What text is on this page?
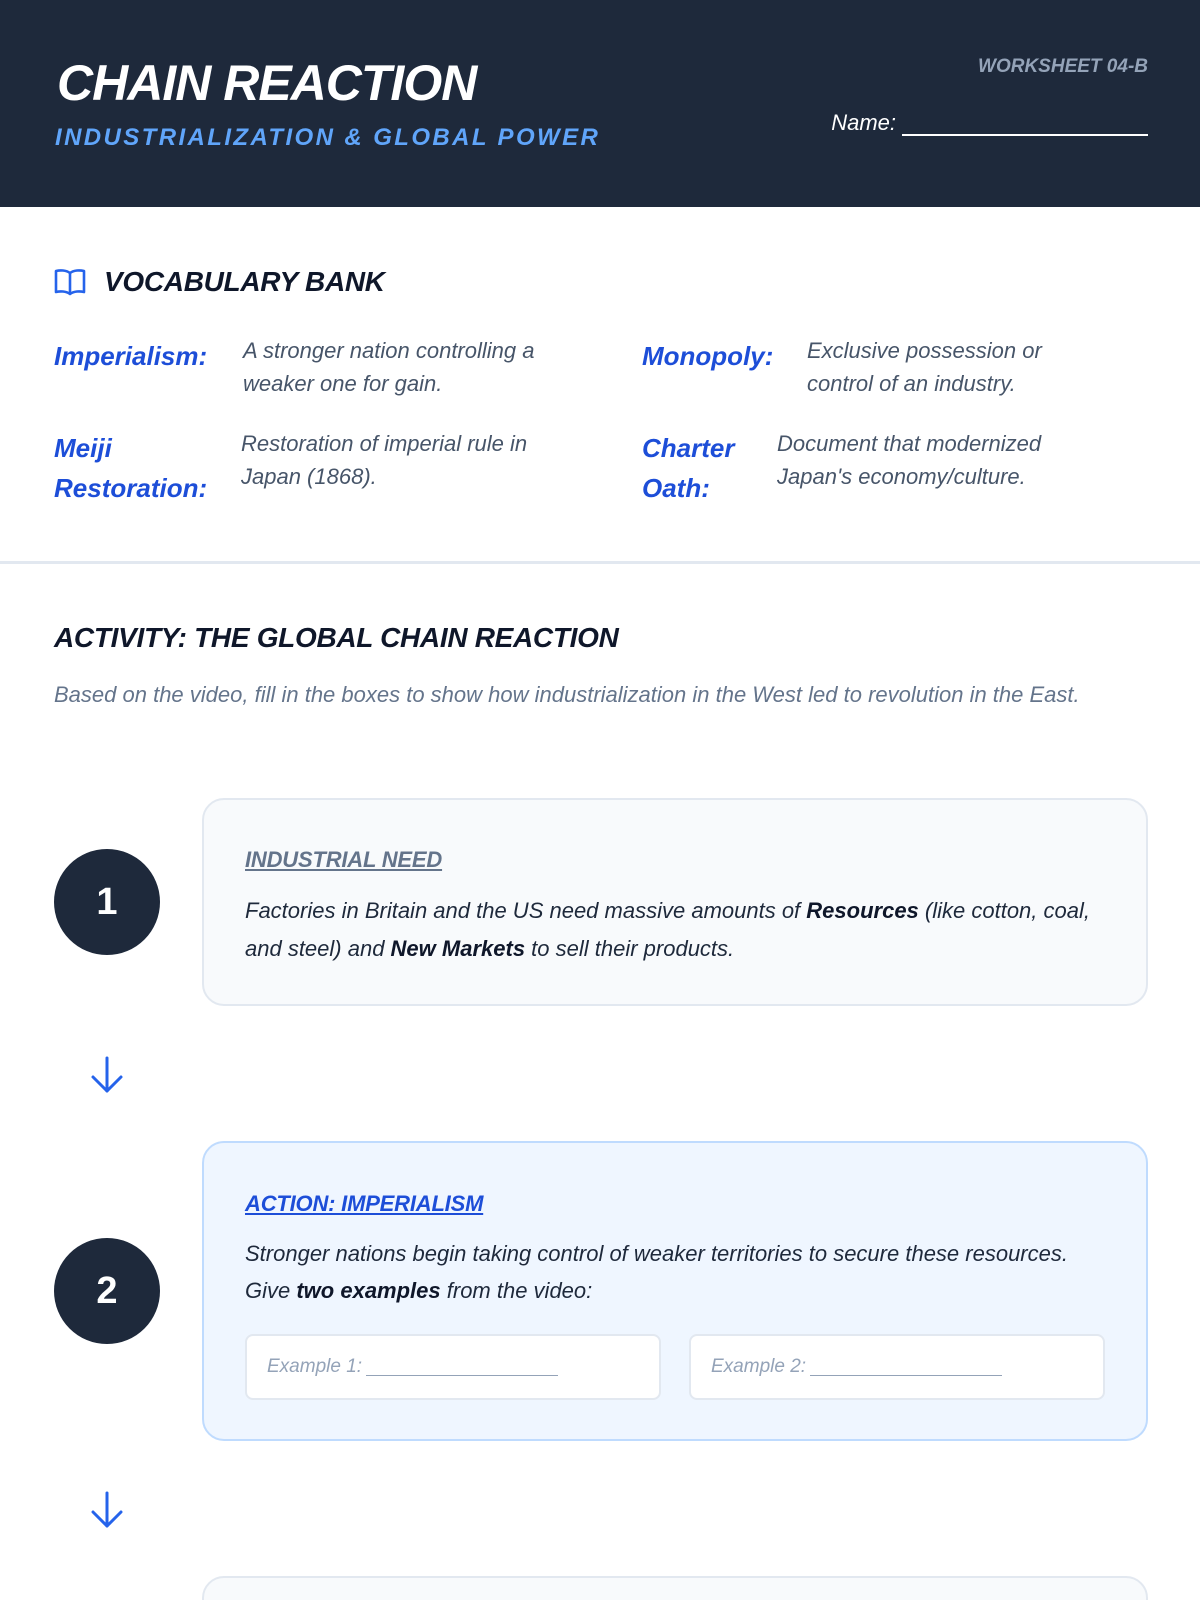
CHAIN REACTION
INDUSTRIALIZATION & GLOBAL POWER
WORKSHEET 04-B
Name:
VOCABULARY BANK
Imperialism:	A stronger nation controlling a weaker one for gain.
Monopoly:	Exclusive possession or control of an industry.
Meiji Restoration:
Restoration of imperial rule in Japan (1868).
Charter Oath:
Document that modernized Japan's economy/culture.
ACTIVITY: THE GLOBAL CHAIN REACTION
Based on the video, fill in the boxes to show how industrialization in the West led to revolution in the East.
1
INDUSTRIAL NEED
Factories in Britain and the US need massive amounts of Resources (like cotton, coal, and steel) and New Markets to sell their products.
2
ACTION: IMPERIALISM
Stronger nations begin taking control of weaker territories to secure these resources. Give two examples from the video:
Example 1:	Example 2:
